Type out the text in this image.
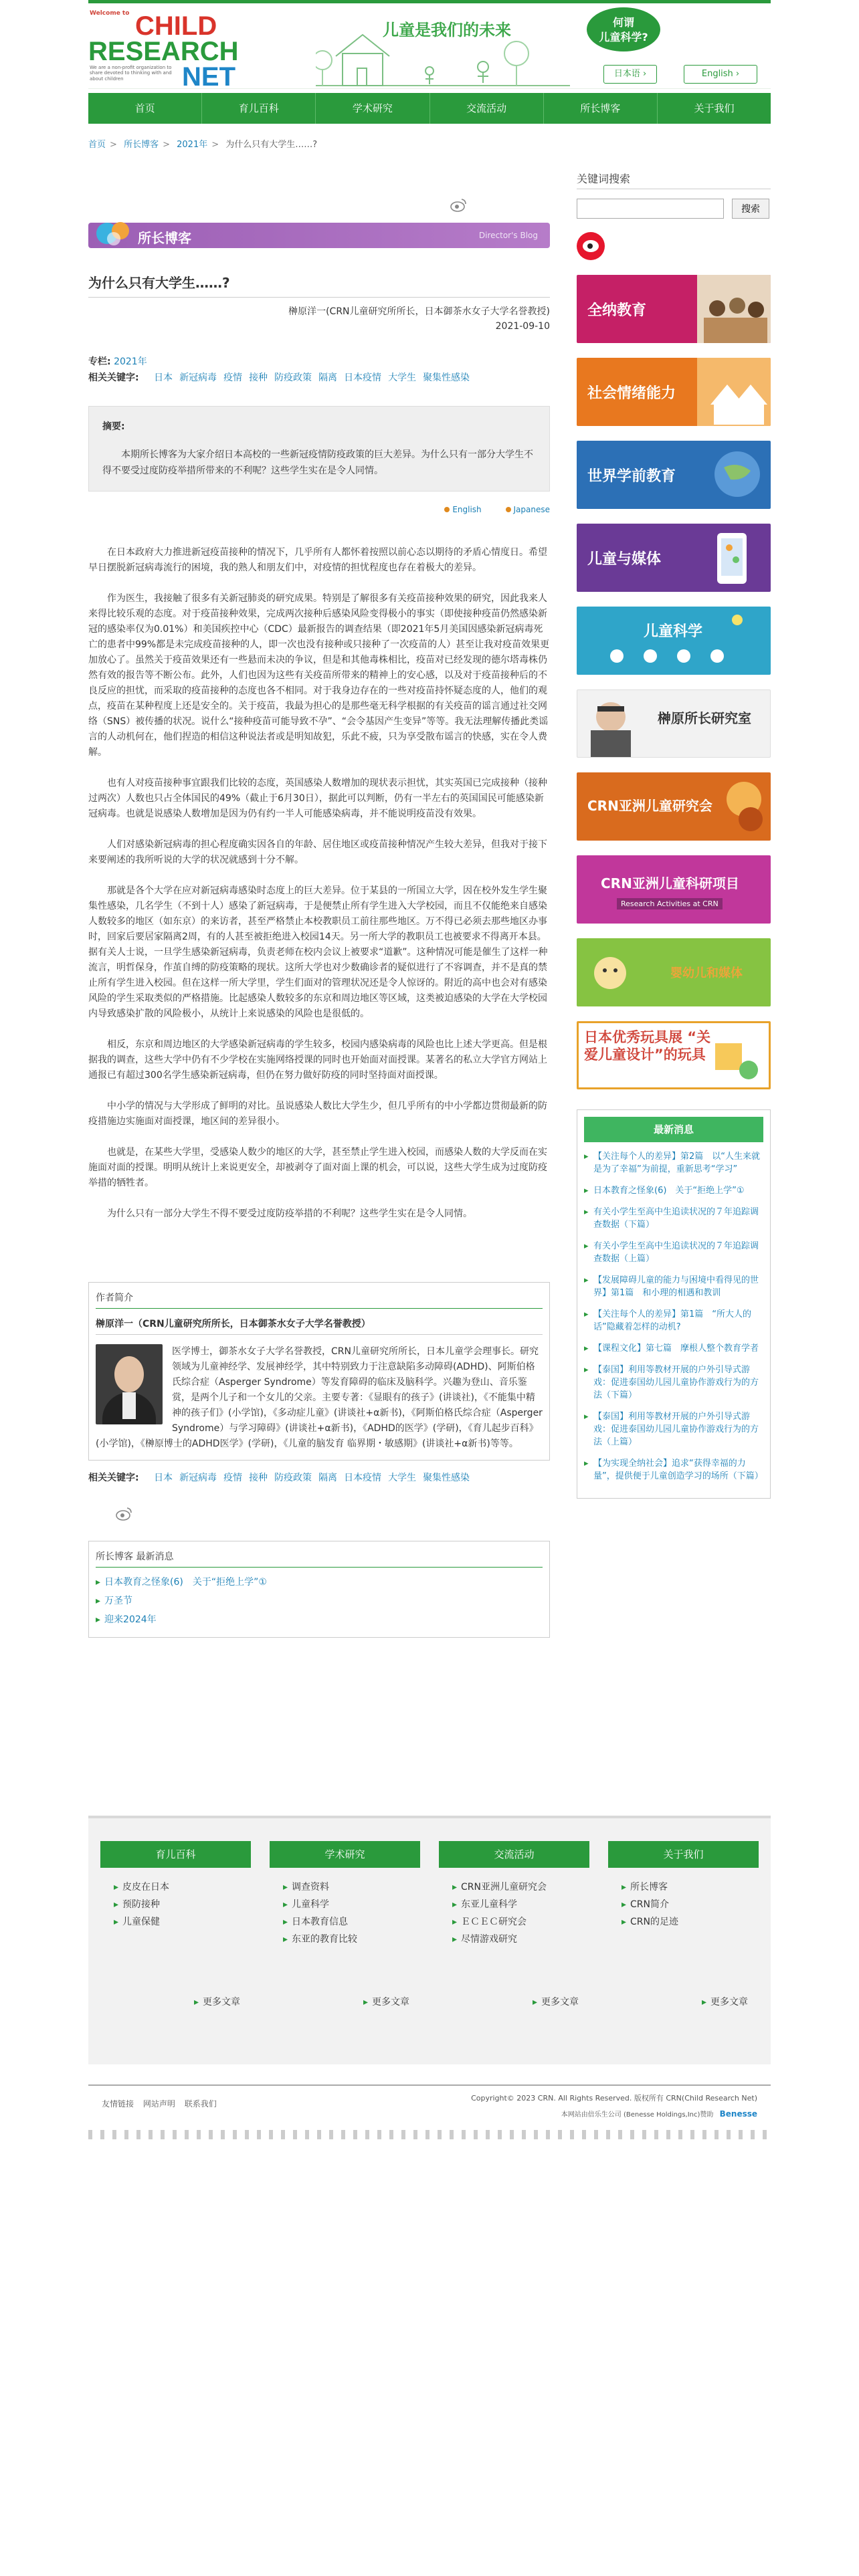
Welcome to CHILD
RESEARCH
NET
We are a non-profit organization to share devoted to thinking with and about children
儿童是我们的未来	何谓
儿童科学?
日本语 ›	English ›
首页	育儿百科	学术研究	交流活动	所长博客	关于我们
首页 > 所长博客 > 2021年 > 为什么只有大学生……?
所长博客	Director's Blog
为什么只有大学生……?
榊原洋一(CRN儿童研究所所长，日本御茶水女子大学名誉教授)
2021-09-10
专栏: 2021年
相关关键字: 日本 新冠病毒 疫情 接种 防疫政策 隔离 日本疫情 大学生 聚集性感染
摘要:

本期所长博客为大家介绍日本高校的一些新冠疫情防疫政策的巨大差异。为什么只有一部分大学生不得不要受过度防疫举措所带来的不利呢？这些学生实在是令人同情。

English	Japanese

在日本政府大力推进新冠疫苗接种的情况下，几乎所有人都怀着按照以前心态以期待的矛盾心情度日。希望早日摆脱新冠病毒流行的困境，我的熟人和朋友们中，对疫情的担忧程度也存在着极大的差异。

作为医生，我接触了很多有关新冠肺炎的研究成果。特别是了解很多有关疫苗接种效果的研究，因此我来人来得比较乐观的态度。对于疫苗接种效果，完成两次接种后感染风险变得极小的事实（即使接种疫苗仍然感染新冠的感染率仅为0.01%）和美国疾控中心（CDC）最新报告的调查结果（即2021年5月美国因感染新冠病毒死亡的患者中99%都是未完成疫苗接种的人，即一次也没有接种或只接种了一次疫苗的人）甚至让我对疫苗效果更加放心了。虽然关于疫苗效果还有一些悬而未决的争议，但是和其他毒株相比，疫苗对已经发现的德尔塔毒株仍然有效的报告等不断公布。此外，人们也因为这些有关疫苗所带来的精神上的安心感，以及对于疫苗接种后的不良反应的担忧，而采取的疫苗接种的态度也各不相同。对于我身边存在的一些对疫苗持怀疑态度的人，他们的观点，疫苗在某种程度上还是安全的。关于疫苗，我最为担心的是那些毫无科学根据的有关疫苗的谣言通过社交网络（SNS）被传播的状况。说什么“接种疫苗可能导致不孕”、“会令基因产生变异”等等。我无法理解传播此类谣言的人动机何在，他们捏造的相信这种说法者或是明知故犯，乐此不疲，只为享受散布谣言的快感，实在令人费解。

也有人对疫苗接种事宜跟我们比较的态度，英国感染人数增加的现状表示担忧，其实英国已完成接种（接种过两次）人数也只占全体国民的49%（截止于6月30日），据此可以判断，仍有一半左右的英国国民可能感染新冠病毒。也就是说感染人数增加是因为仍有约一半人可能感染病毒，并不能说明疫苗没有效果。

人们对感染新冠病毒的担心程度确实因各自的年龄、居住地区或疫苗接种情况产生较大差异，但我对于接下来要阐述的我所听说的大学的状况就感到十分不解。

那就是各个大学在应对新冠病毒感染时态度上的巨大差异。位于某县的一所国立大学，因在校外发生学生聚集性感染，几名学生（不到十人）感染了新冠病毒，于是便禁止所有学生进入大学校园，而且不仅能绝来自感染人数较多的地区（如东京）的来访者，甚至严格禁止本校教职员工前往那些地区。万不得已必须去那些地区办事时，回家后要居家隔离2周，有的人甚至被拒绝进入校园14天。另一所大学的教职员工也被要求不得离开本县。据有关人士说，一旦学生感染新冠病毒，负责老师在校内会议上被要求“道歉”。这种情况可能是催生了这样一种流言，明哲保身，作茧自缚的防疫策略的现状。这所大学也对少数确诊者的疑似进行了不容调查，并不是真的禁止所有学生进入校园。但在这样一所大学里，学生们面对的管理状况还是令人惊讶的。附近的高中也会对有感染风险的学生采取类似的严格措施。比起感染人数较多的东京和周边地区等区域，这类被迫感染的大学在大学校园内导致感染扩散的风险极小，从统计上来说感染的风险也是很低的。

相反，东京和周边地区的大学感染新冠病毒的学生较多，校园内感染病毒的风险也比上述大学更高。但是根据我的调查，这些大学中仍有不少学校在实施网络授课的同时也开始面对面授课。某著名的私立大学官方网站上通报已有超过300名学生感染新冠病毒，但仍在努力做好防疫的同时坚持面对面授课。

中小学的情况与大学形成了鲜明的对比。虽说感染人数比大学生少，但几乎所有的中小学都边贯彻最新的防疫措施边实施面对面授课，地区间的差异很小。

也就是，在某些大学里，受感染人数少的地区的大学，甚至禁止学生进入校园，而感染人数的大学反而在实施面对面的授课。明明从统计上来说更安全，却被剥夺了面对面上课的机会，可以说，这些大学生成为过度防疫举措的牺牲者。

为什么只有一部分大学生不得不要受过度防疫举措的不利呢？这些学生实在是令人同情。

作者简介
榊原洋一（CRN儿童研究所所长，日本御茶水女子大学名誉教授）
医学博士，御茶水女子大学名誉教授，CRN儿童研究所所长，日本儿童学会理事长。研究领域为儿童神经学、发展神经学，其中特别致力于注意缺陷多动障碍(ADHD)、阿斯伯格氏综合症（Asperger Syndrome）等发育障碍的临床及脑科学。兴趣为登山、音乐鉴赏，是两个儿子和一个女儿的父亲。主要专著：《显眼有的孩子》(讲谈社)，《不能集中精神的孩子们》(小学馆)，《多动症儿童》(讲谈社+α新书)，《阿斯伯格氏综合症（Asperger Syndrome）与学习障碍》(讲谈社+α新书)，《ADHD的医学》(学研)，《育儿起步百科》(小学馆)，《榊原博士的ADHD医学》(学研)，《儿童的脑发育 临界期・敏感期》(讲谈社+α新书)等等。
相关关键字: 日本 新冠病毒 疫情 接种 防疫政策 隔离 日本疫情 大学生 聚集性感染
所长博客 最新消息
▸ 日本教育之怪象(6)　关于“拒绝上学”①
▸ 万圣节
▸ 迎来2024年
关键词搜索
搜索
全纳教育
社会情绪能力
世界学前教育
儿童与媒体
儿童科学
榊原所长研究室
CRN亚洲儿童研究会
CRN亚洲儿童科研项目
Research Activities at CRN
婴幼儿和媒体
日本优秀玩具展 “关爱儿童设计”的玩具
最新消息
▸ 【关注每个人的差异】第2篇　以“人生来就是为了幸福”为前提，重新思考“学习”
▸ 日本教育之怪象(6)　关于“拒绝上学”①
▸ 有关小学生至高中生追读状况的７年追踪调查数据（下篇）
▸ 有关小学生至高中生追读状况的７年追踪调查数据（上篇）
▸ 【发展障碍儿童的能力与困境中看得见的世界】第1篇　和小理的相遇和教训
▸ 【关注每个人的差异】第1篇　“所大人的话”隐藏着怎样的动机?
▸ 【课程文化】第七篇　摩根人整个教育学者
▸ 【泰国】利用等教材开展的户外引导式游戏：促进泰国幼儿园儿童协作游戏行为的方法（下篇）
▸ 【泰国】利用等教材开展的户外引导式游戏：促进泰国幼儿园儿童协作游戏行为的方法（上篇）
▸ 【为实现全纳社会】追求“获得幸福的力量”，提供便于儿童创造学习的场所（下篇）
育儿百科
▸ 皮皮在日本
▸ 预防接种
▸ 儿童保健
学术研究
▸ 调查资料
▸ 儿童科学
▸ 日本教育信息
▸ 东亚的教育比较
交流活动
▸ CRN亚洲儿童研究会
▸ 东亚儿童科学
▸ ＥＣＥＣ研究会
▸ 尽情游戏研究
关于我们
▸ 所长博客
▸ CRN简介
▸ CRN的足迹
▸ 更多文章	▸ 更多文章	▸ 更多文章	▸ 更多文章
友情链接 网站声明 联系我们
Copyright© 2023 CRN. All Rights Reserved. 版权所有 CRN(Child Research Net)
本网站由倍乐生公司 (Benesse Holdings,Inc)赞助 Benesse
